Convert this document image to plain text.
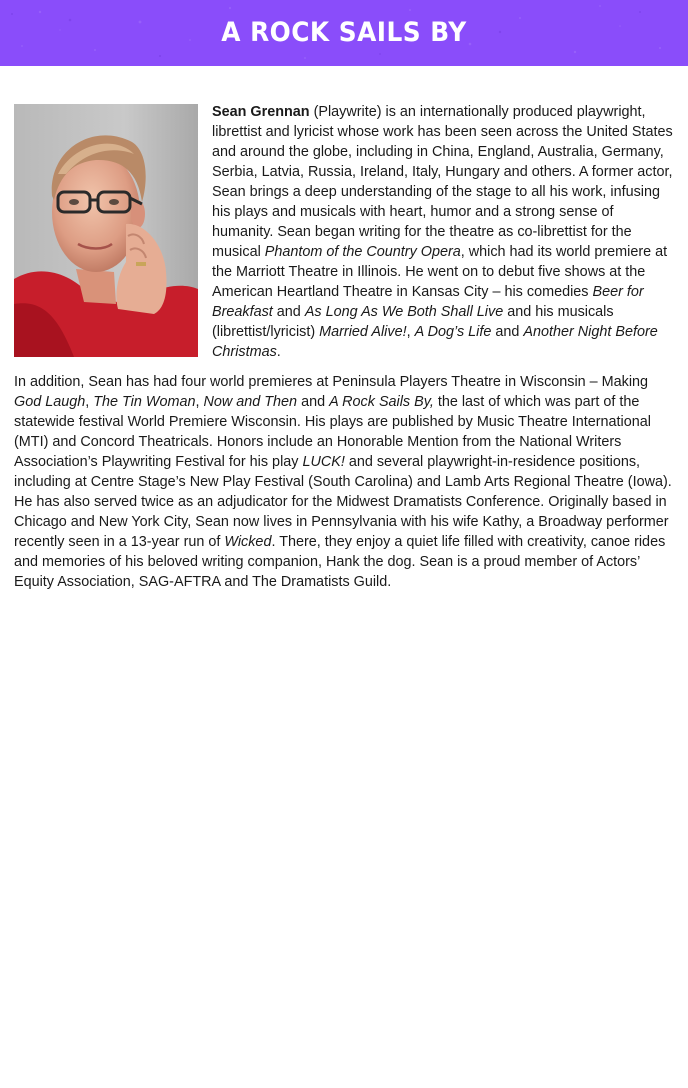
A ROCK SAILS BY

Sean Grennan (Playwrite) is an internationally produced playwright, librettist and lyricist whose work has been seen across the United States and around the globe, including in China, England, Australia, Germany, Serbia, Latvia, Russia, Ireland, Italy, Hungary and others. A former actor, Sean brings a deep understanding of the stage to all his work, infusing his plays and musicals with heart, humor and a strong sense of humanity. Sean began writing for the theatre as co-librettist for the musical Phantom of the Country Opera, which had its world premiere at the Marriott Theatre in Illinois. He went on to debut five shows at the American Heartland Theatre in Kansas City – his comedies Beer for Breakfast and As Long As We Both Shall Live and his musicals (librettist/lyricist) Married Alive!, A Dog’s Life and Another Night Before Christmas.

In addition, Sean has had four world premieres at Peninsula Players Theatre in Wisconsin – Making God Laugh, The Tin Woman, Now and Then and A Rock Sails By, the last of which was part of the statewide festival World Premiere Wisconsin. His plays are published by Music Theatre International (MTI) and Concord Theatricals. Honors include an Honorable Mention from the National Writers Association’s Playwriting Festival for his play LUCK! and several playwright-in-residence positions, including at Centre Stage’s New Play Festival (South Carolina) and Lamb Arts Regional Theatre (Iowa). He has also served twice as an adjudicator for the Midwest Dramatists Conference. Originally based in Chicago and New York City, Sean now lives in Pennsylvania with his wife Kathy, a Broadway performer recently seen in a 13-year run of Wicked. There, they enjoy a quiet life filled with creativity, canoe rides and memories of his beloved writing companion, Hank the dog. Sean is a proud member of Actors’ Equity Association, SAG-AFTRA and The Dramatists Guild.
